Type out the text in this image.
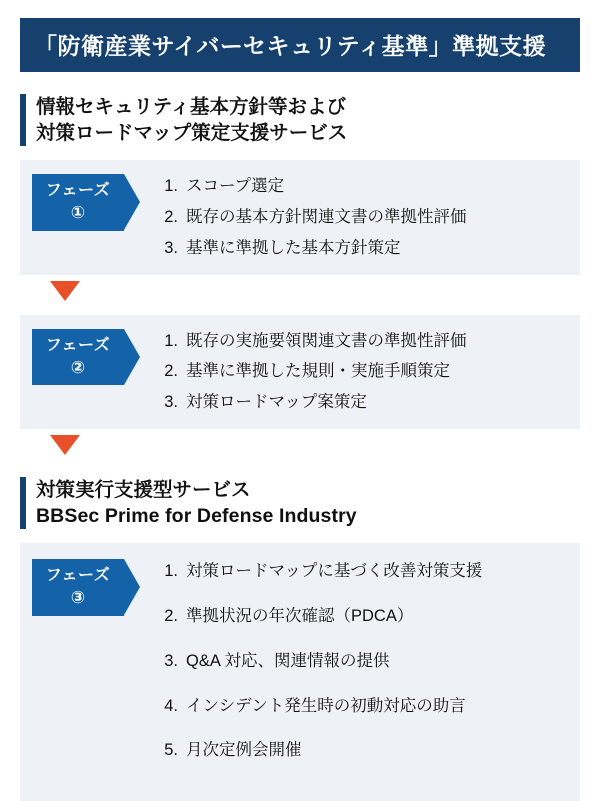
「防衛産業サイバーセキュリティ基準」準拠支援
情報セキュリティ基本方針等および
対策ロードマップ策定支援サービス
フェーズ
①
1. スコープ選定
2. 既存の基本方針関連文書の準拠性評価
3. 基準に準拠した基本方針策定
フェーズ
②
1. 既存の実施要領関連文書の準拠性評価
2. 基準に準拠した規則・実施手順策定
3. 対策ロードマップ案策定
対策実行支援型サービス
BBSec Prime for Defense Industry
フェーズ
③
1. 対策ロードマップに基づく改善対策支援
2. 準拠状況の年次確認（PDCA）
3. Q&A 対応、関連情報の提供
4. インシデント発生時の初動対応の助言
5. 月次定例会開催
